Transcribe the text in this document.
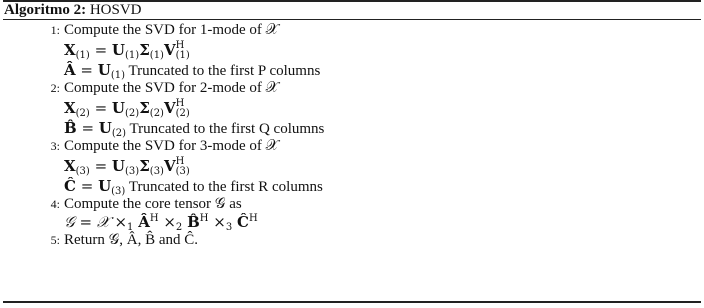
Algoritmo 2: HOSVD
1: Compute the SVD for 1-mode of 𝒳
$X_{(1)} = U_{(1)}\Sigma_{(1)}V$ H
(1)
Â = $U_{(1)}$ Truncated to the first P columns
2: Compute the SVD for 2-mode of 𝒳
$X_{(2)} = U_{(2)}\Sigma_{(2)}V$ H
(2)
B̂ = $U_{(2)}$ Truncated to the first Q columns
3: Compute the SVD for 3-mode of 𝒳
$X_{(3)} = U_{(3)}\Sigma_{(3)}V$ H
(3)
Ĉ = $U_{(3)}$ Truncated to the first R columns
4: Compute the core tensor 𝒢 as
𝒢 = 𝒳 $\times_1$ $Â^H \times_2$ B̂$^H$ $\times_3$ $Ĉ^H$
5: Return 𝒢, Â, B̂ and Ĉ.
